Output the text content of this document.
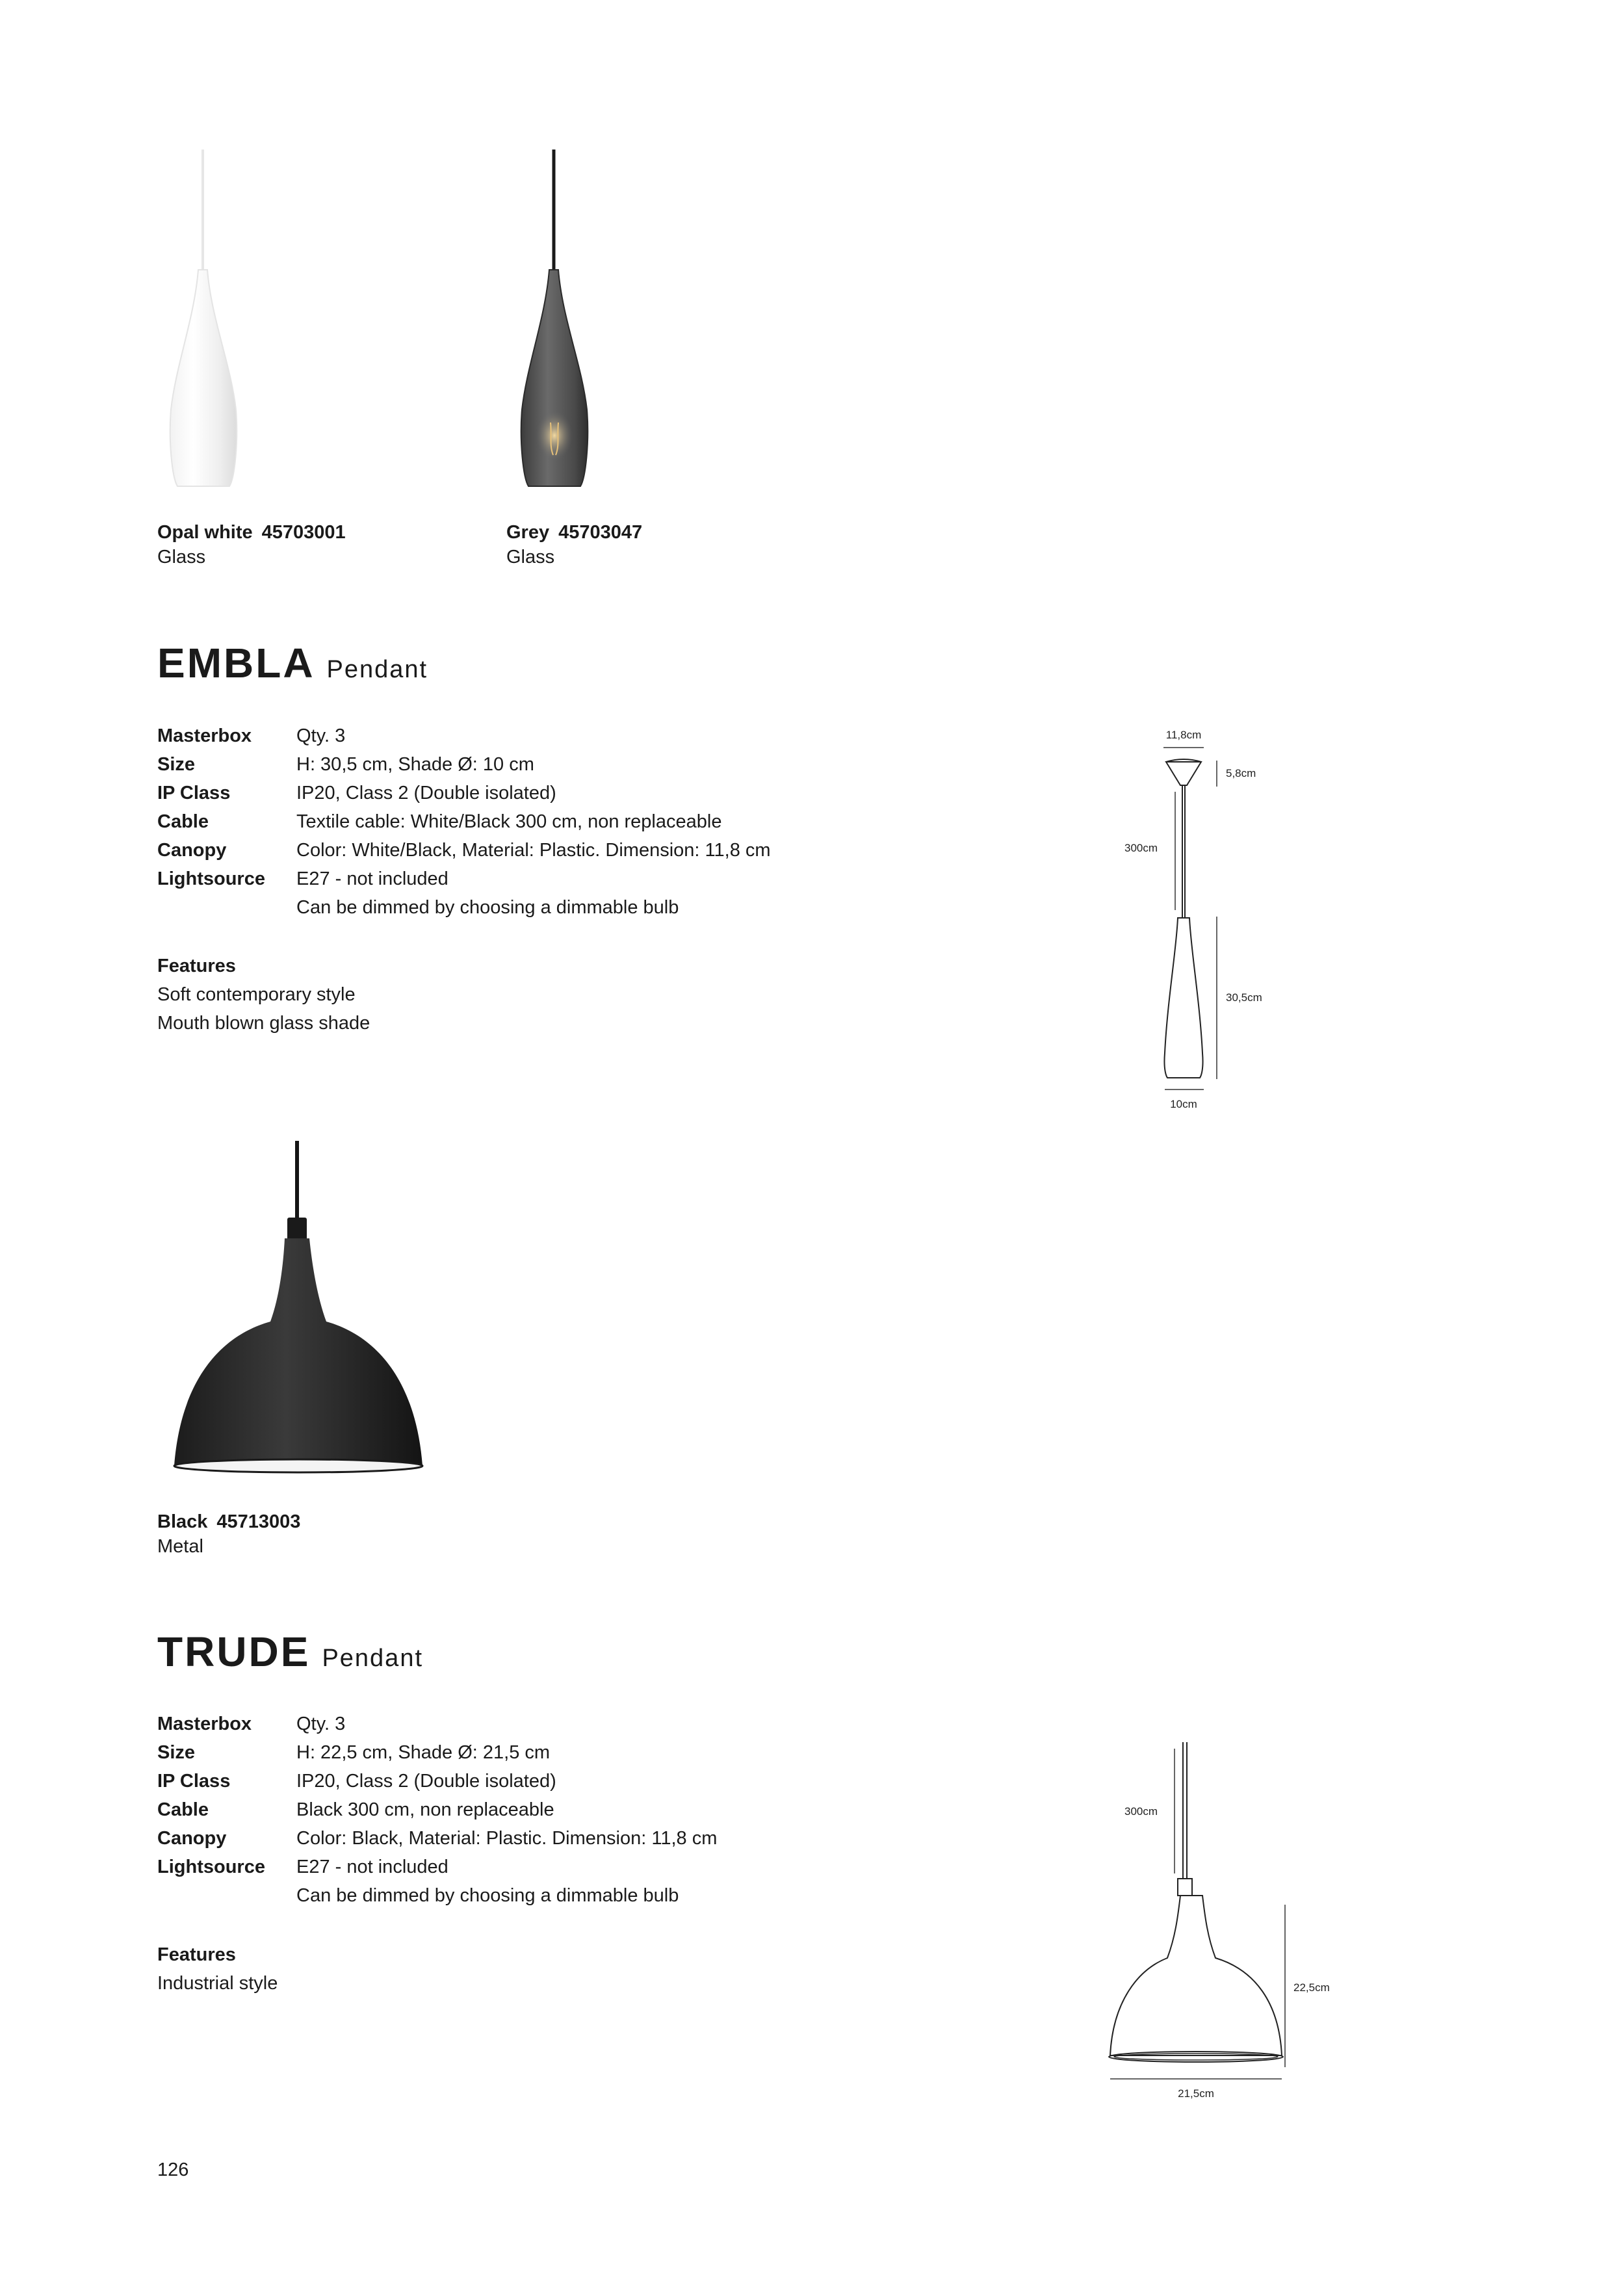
Opal white 45703001
Glass
Grey 45703047
Glass
EMBLA Pendant
Masterbox	Qty. 3
Size	H: 30,5 cm, Shade Ø: 10 cm
IP Class	IP20, Class 2 (Double isolated)
Cable	Textile cable: White/Black 300 cm, non replaceable
Canopy	Color: White/Black, Material: Plastic. Dimension: 11,8 cm
Lightsource	E27 - not included
	Can be dimmed by choosing a dimmable bulb
Features
Soft contemporary style
Mouth blown glass shade
11,8cm
5,8cm
300cm
30,5cm
10cm
Black 45713003
Metal
TRUDE Pendant
Masterbox	Qty. 3
Size	H: 22,5 cm, Shade Ø: 21,5 cm
IP Class	IP20, Class 2 (Double isolated)
Cable	Black 300 cm, non replaceable
Canopy	Color: Black, Material: Plastic. Dimension: 11,8 cm
Lightsource	E27 - not included
	Can be dimmed by choosing a dimmable bulb
Features
Industrial style
300cm
22,5cm
21,5cm
126
